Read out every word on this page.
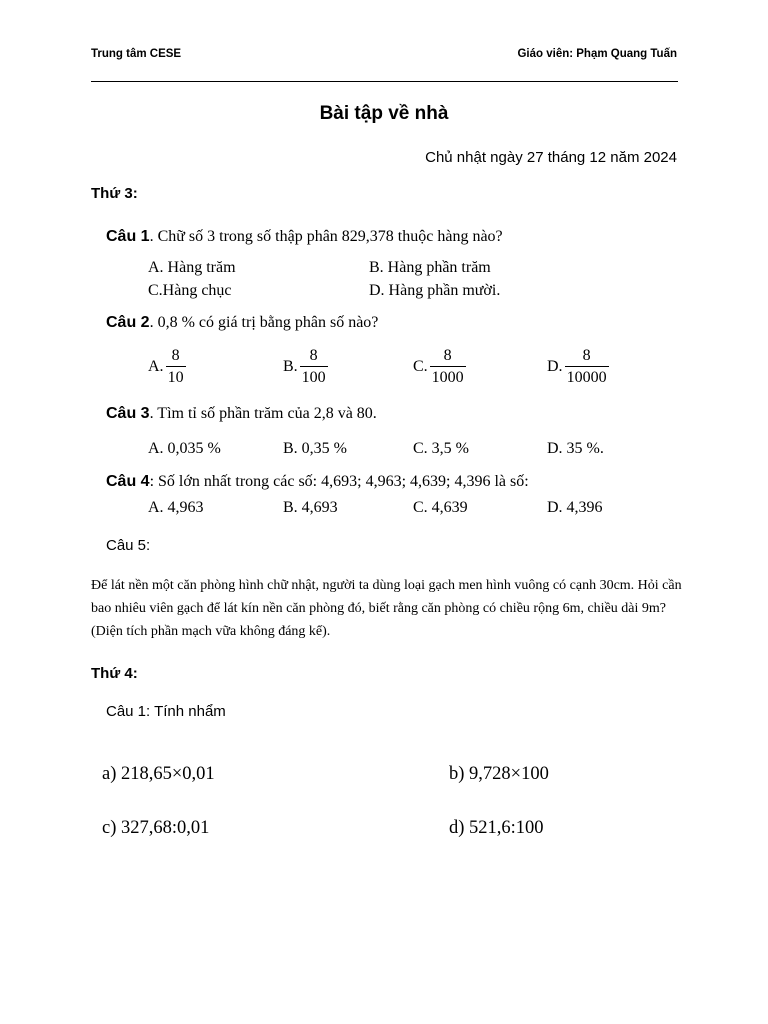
Trung tâm CESE	Giáo viên: Phạm Quang Tuấn
Bài tập về nhà
Chủ nhật ngày 27 tháng 12 năm 2024
Thứ 3:
Câu 1. Chữ số 3 trong số thập phân 829,378 thuộc hàng nào?
A. Hàng trăm	B. Hàng phần trăm
C.Hàng chục	D. Hàng phần mười.
Câu 2. 0,8 % có giá trị bằng phân số nào?
A. $\frac{8}{10}$	B. $\frac{8}{100}$	C. $\frac{8}{1000}$	D. $\frac{8}{10000}$
Câu 3. Tìm tỉ số phần trăm của 2,8 và 80.
A. 0,035 %	B. 0,35 %	C. 3,5 %	D. 35 %.
Câu 4: Số lớn nhất trong các số: 4,693; 4,963; 4,639; 4,396 là số:
A. 4,963	B. 4,693	C. 4,639	D. 4,396
Câu 5:
Để lát nền một căn phòng hình chữ nhật, người ta dùng loại gạch men hình vuông có cạnh 30cm. Hỏi cần bao nhiêu viên gạch để lát kín nền căn phòng đó, biết rằng căn phòng có chiều rộng 6m, chiều dài 9m? (Diện tích phần mạch vữa không đáng kể).
Thứ 4:
Câu 1: Tính nhẩm
a) 218,65×0,01	b) 9,728×100
c) 327,68:0,01	d) 521,6:100
